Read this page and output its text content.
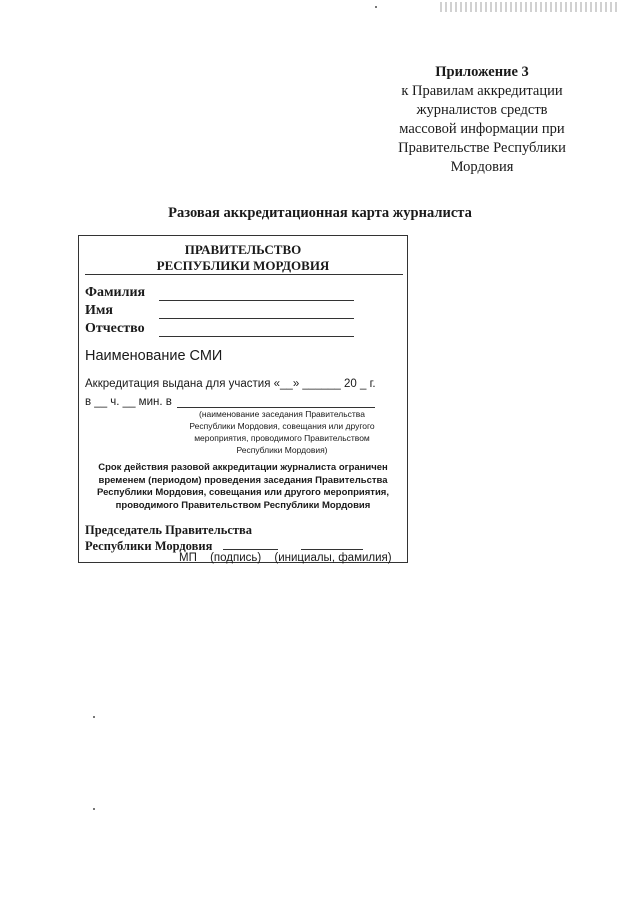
Приложение 3
к Правилам аккредитации
журналистов средств
массовой информации при
Правительстве Республики
Мордовия
Разовая аккредитационная карта журналиста
ПРАВИТЕЛЬСТВО
РЕСПУБЛИКИ МОРДОВИЯ
Фамилия
Имя
Отчество
Наименование СМИ
Аккредитация выдана для участия «__» ______ 20 _ г.
в __ ч. __ мин. в
(наименование заседания Правительства
Республики Мордовия, совещания или другого
мероприятия, проводимого Правительством
Республики Мордовия)
Срок действия разовой аккредитации журналиста ограничен
временем (периодом) проведения заседания Правительства
Республики Мордовия, совещания или другого мероприятия,
проводимого Правительством Республики Мордовия
Председатель Правительства
Республики Мордовия
МП (подпись) (инициалы, фамилия)
